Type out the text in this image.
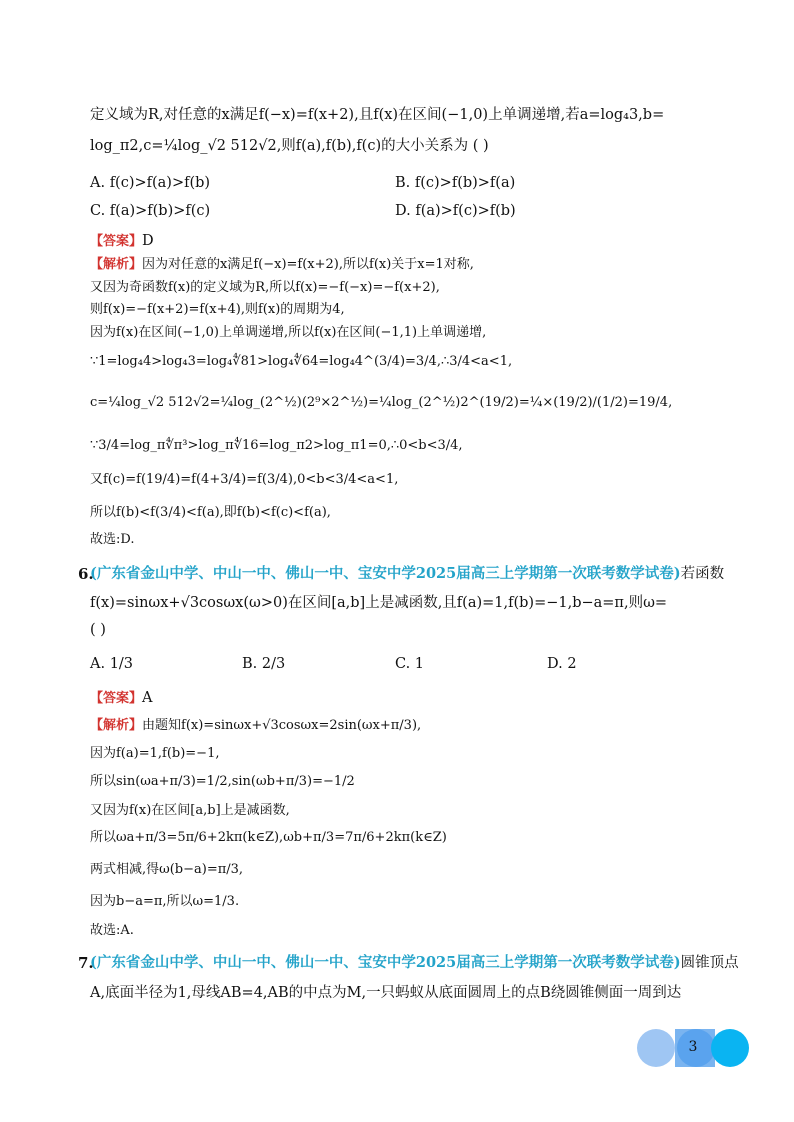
定义域为R,对任意的x满足f(−x)=f(x+2),且f(x)在区间(−1,0)上单调递增,若a=log₄3,b=
log_π2,c=¼log_√2 512√2,则f(a),f(b),f(c)的大小关系为 ( )
A. f(c)>f(a)>f(b)	B. f(c)>f(b)>f(a)
C. f(a)>f(b)>f(c)	D. f(a)>f(c)>f(b)
【答案】D
【解析】因为对任意的x满足f(−x)=f(x+2),所以f(x)关于x=1对称,
又因为奇函数f(x)的定义域为R,所以f(x)=−f(−x)=−f(x+2),
则f(x)=−f(x+2)=f(x+4),则f(x)的周期为4,
因为f(x)在区间(−1,0)上单调递增,所以f(x)在区间(−1,1)上单调递增,
∵1=log₄4>log₄3=log₄∜81>log₄∜64=log₄4^(3/4)=3/4,∴3/4<a<1,
c=¼log_√2 512√2=¼log_(2^½)(2⁹×2^½)=¼log_(2^½)2^(19/2)=¼×(19/2)/(1/2)=19/4,
∵3/4=log_π∜π³>log_π∜16=log_π2>log_π1=0,∴0<b<3/4,
又f(c)=f(19/4)=f(4+3/4)=f(3/4),0<b<3/4<a<1,
所以f(b)<f(3/4)<f(a),即f(b)<f(c)<f(a),
故选:D.
6.
(广东省金山中学、中山一中、佛山一中、宝安中学2025届高三上学期第一次联考数学试卷)若函数
f(x)=sinωx+√3cosωx(ω>0)在区间[a,b]上是减函数,且f(a)=1,f(b)=−1,b−a=π,则ω=
( )
A. 1/3	B. 2/3	C. 1	D. 2
【答案】A
【解析】由题知f(x)=sinωx+√3cosωx=2sin(ωx+π/3),
因为f(a)=1,f(b)=−1,
所以sin(ωa+π/3)=1/2,sin(ωb+π/3)=−1/2
又因为f(x)在区间[a,b]上是减函数,
所以ωa+π/3=5π/6+2kπ(k∈Z),ωb+π/3=7π/6+2kπ(k∈Z)
两式相减,得ω(b−a)=π/3,
因为b−a=π,所以ω=1/3.
故选:A.
7.
(广东省金山中学、中山一中、佛山一中、宝安中学2025届高三上学期第一次联考数学试卷)圆锥顶点
A,底面半径为1,母线AB=4,AB的中点为M,一只蚂蚁从底面圆周上的点B绕圆锥侧面一周到达
3
